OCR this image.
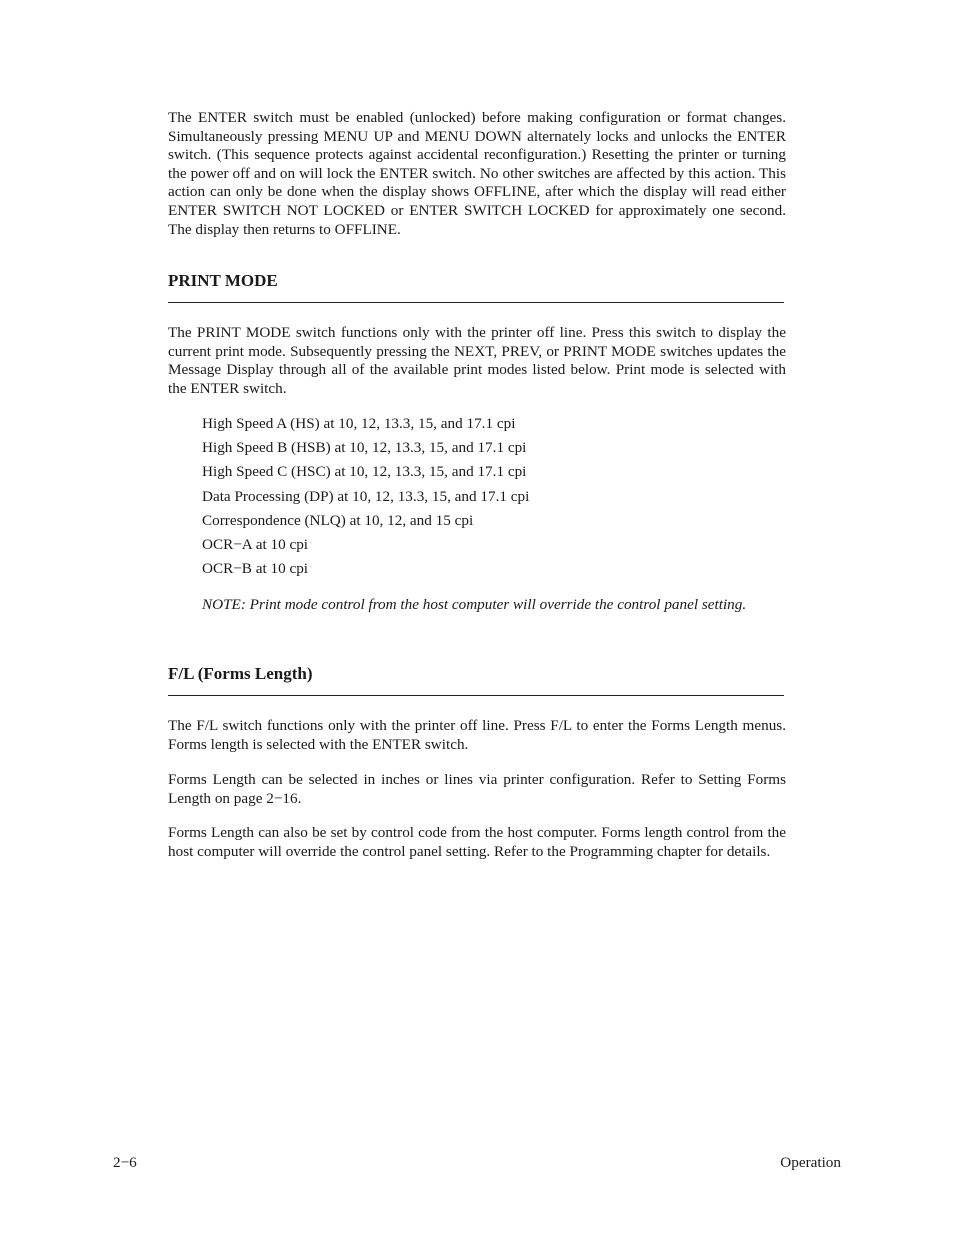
The ENTER switch must be enabled (unlocked) before making configuration or format changes. Simultaneously pressing MENU UP and MENU DOWN alternately locks and unlocks the ENTER switch. (This sequence protects against accidental reconfiguration.) Resetting the printer or turning the power off and on will lock the ENTER switch. No other switches are affected by this action. This action can only be done when the display shows OFFLINE, after which the display will read either ENTER SWITCH NOT LOCKED or ENTER SWITCH LOCKED for approximately one second. The display then returns to OFFLINE.

PRINT MODE

The PRINT MODE switch functions only with the printer off line. Press this switch to display the current print mode. Subsequently pressing the NEXT, PREV, or PRINT MODE switches updates the Message Display through all of the available print modes listed below. Print mode is selected with the ENTER switch.

High Speed A (HS) at 10, 12, 13.3, 15, and 17.1 cpi
High Speed B (HSB) at 10, 12, 13.3, 15, and 17.1 cpi
High Speed C (HSC) at 10, 12, 13.3, 15, and 17.1 cpi
Data Processing (DP) at 10, 12, 13.3, 15, and 17.1 cpi
Correspondence (NLQ) at 10, 12, and 15 cpi
OCR−A at 10 cpi
OCR−B at 10 cpi

NOTE: Print mode control from the host computer will override the control panel setting.

F/L (Forms Length)

The F/L switch functions only with the printer off line. Press F/L to enter the Forms Length menus. Forms length is selected with the ENTER switch.

Forms Length can be selected in inches or lines via printer configuration. Refer to Setting Forms Length on page 2−16.

Forms Length can also be set by control code from the host computer. Forms length control from the host computer will override the control panel setting. Refer to the Programming chapter for details.

2−6	Operation
